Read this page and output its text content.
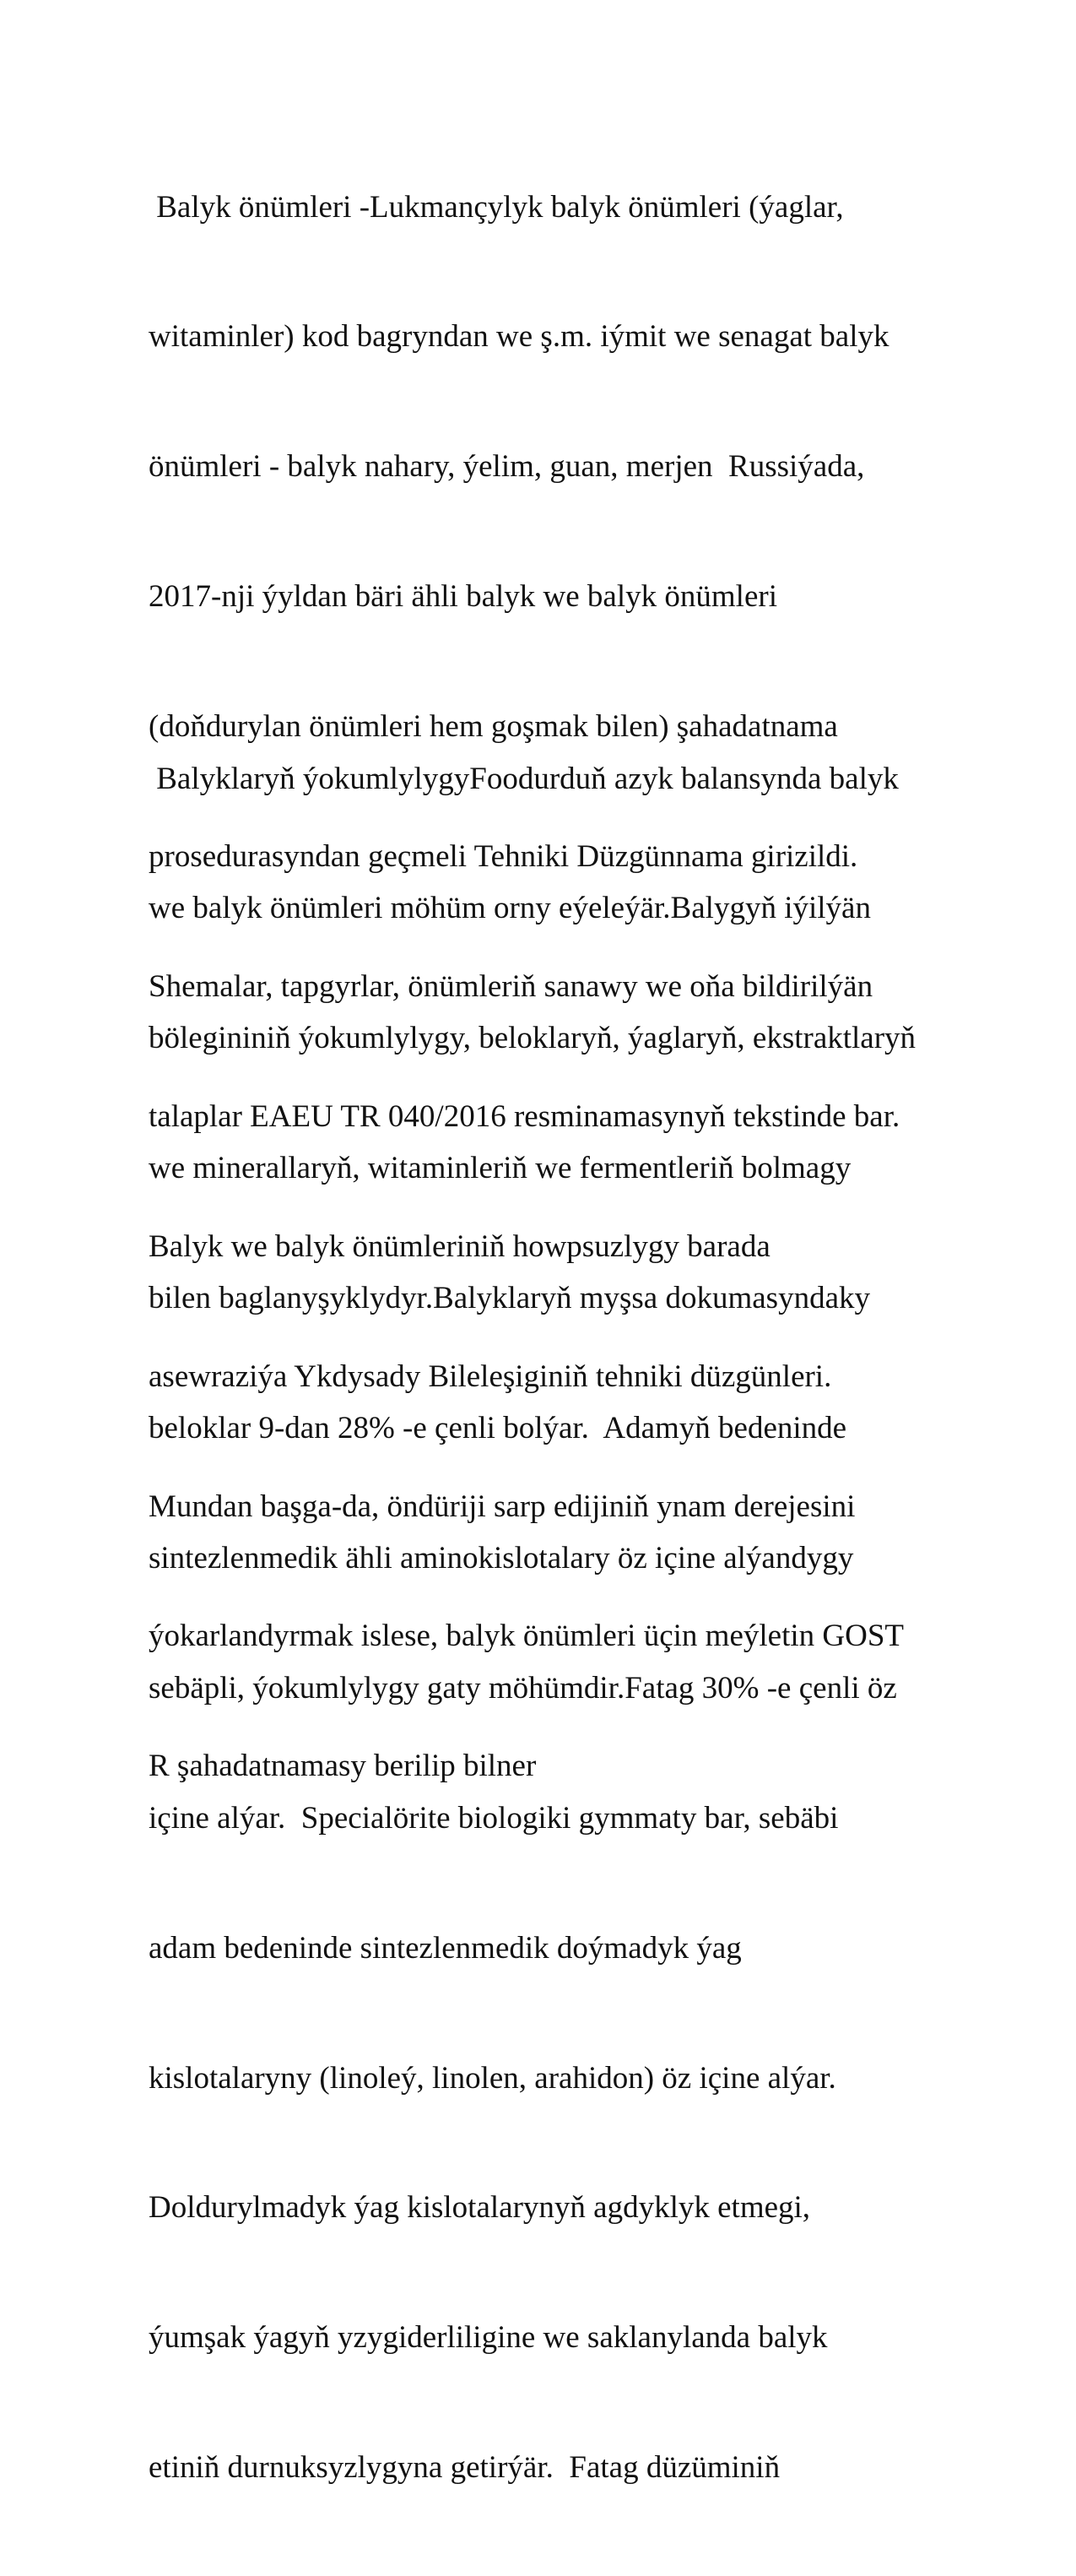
Balyk önümleri -Lukmançylyk balyk önümleri (ýaglar,

witaminler) kod bagryndan we ş.m. iýmit we senagat balyk

önümleri - balyk nahary, ýelim, guan, merjen  Russiýada,

2017-nji ýyldan bäri ähli balyk we balyk önümleri

(doňdurylan önümleri hem goşmak bilen) şahadatnama

prosedurasyndan geçmeli Tehniki Düzgünnama girizildi.

Shemalar, tapgyrlar, önümleriň sanawy we oňa bildirilýän

talaplar EAEU TR 040/2016 resminamasynyň tekstinde bar.

Balyk we balyk önümleriniň howpsuzlygy barada

asewraziýa Ykdysady Bileleşiginiň tehniki düzgünleri.

Mundan başga-da, öndüriji sarp edijiniň ynam derejesini

ýokarlandyrmak islese, balyk önümleri üçin meýletin GOST

R şahadatnamasy berilip bilner

Balyklaryň ýokumlylygyFoodurduň azyk balansynda balyk

we balyk önümleri möhüm orny eýeleýär.Balygyň iýilýän

bölegininiň ýokumlylygy, beloklaryň, ýaglaryň, ekstraktlaryň

we minerallaryň, witaminleriň we fermentleriň bolmagy

bilen baglanyşyklydyr.Balyklaryň myşsa dokumasyndaky

beloklar 9-dan 28% -e çenli bolýar.  Adamyň bedeninde

sintezlenmedik ähli aminokislotalary öz içine alýandygy

sebäpli, ýokumlylygy gaty möhümdir.Fatag 30% -e çenli öz

içine alýar.  Specialörite biologiki gymmaty bar, sebäbi

adam bedeninde sintezlenmedik doýmadyk ýag

kislotalaryny (linoleý, linolen, arahidon) öz içine alýar.

Doldurylmadyk ýag kislotalarynyň agdyklyk etmegi,

ýumşak ýagyň yzygiderliligine we saklanylanda balyk

etiniň durnuksyzlygyna getirýär.  Fatag düzüminiň
